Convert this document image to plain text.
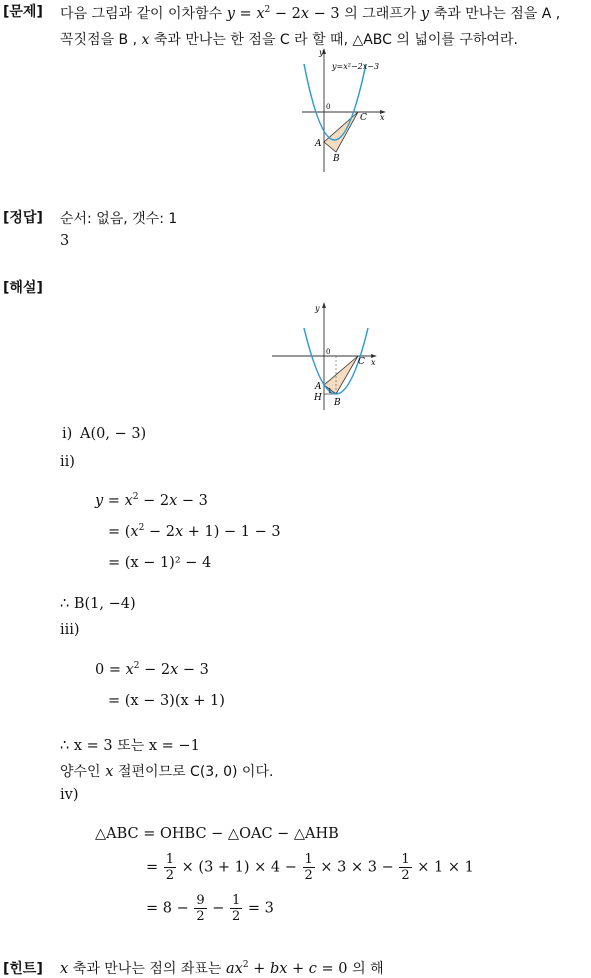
[문제] 다음 그림과 같이 이차함수 $y = x^2 - 2x - 3$ 의 그래프가 y 축과 만나는 점을 A ,
꼭짓점을 B , x 축과 만나는 한 점을 C 라 할 때, △ABC 의 넓이를 구하여라.
y
x
0
y=x²−2x−3
A
B
C
[정답] 순서: 없음, 갯수: 1
3
[해설]
y
x
0
A
H B
C
1
ⅰ) A(0, − 3)
ⅱ)
$y = x^2 - 2x - 3$
= $(x^2 - 2x + 1) - 1 - 3$
= (x − 1)² − 4
∴ B(1, −4)
ⅲ)
$0 = x^2 - 2x - 3$
= (x − 3)(x + 1)
∴ x = 3 또는 x = −1
양수인 x 절편이므로 C(3, 0) 이다.
ⅳ)
△ABC = OHBC − △OAC − △AHB
= $\frac{1}{2} \times (3 + 1) \times 4 - \frac{1}{2} \times 3 \times 3 - \frac{1}{2} \times 1 \times 1$
= $8 - \frac{9}{2} - \frac{1}{2} = 3$
[힌트] x 축과 만나는 점의 좌표는 $ax^2$ + bx + c = 0 의 해
